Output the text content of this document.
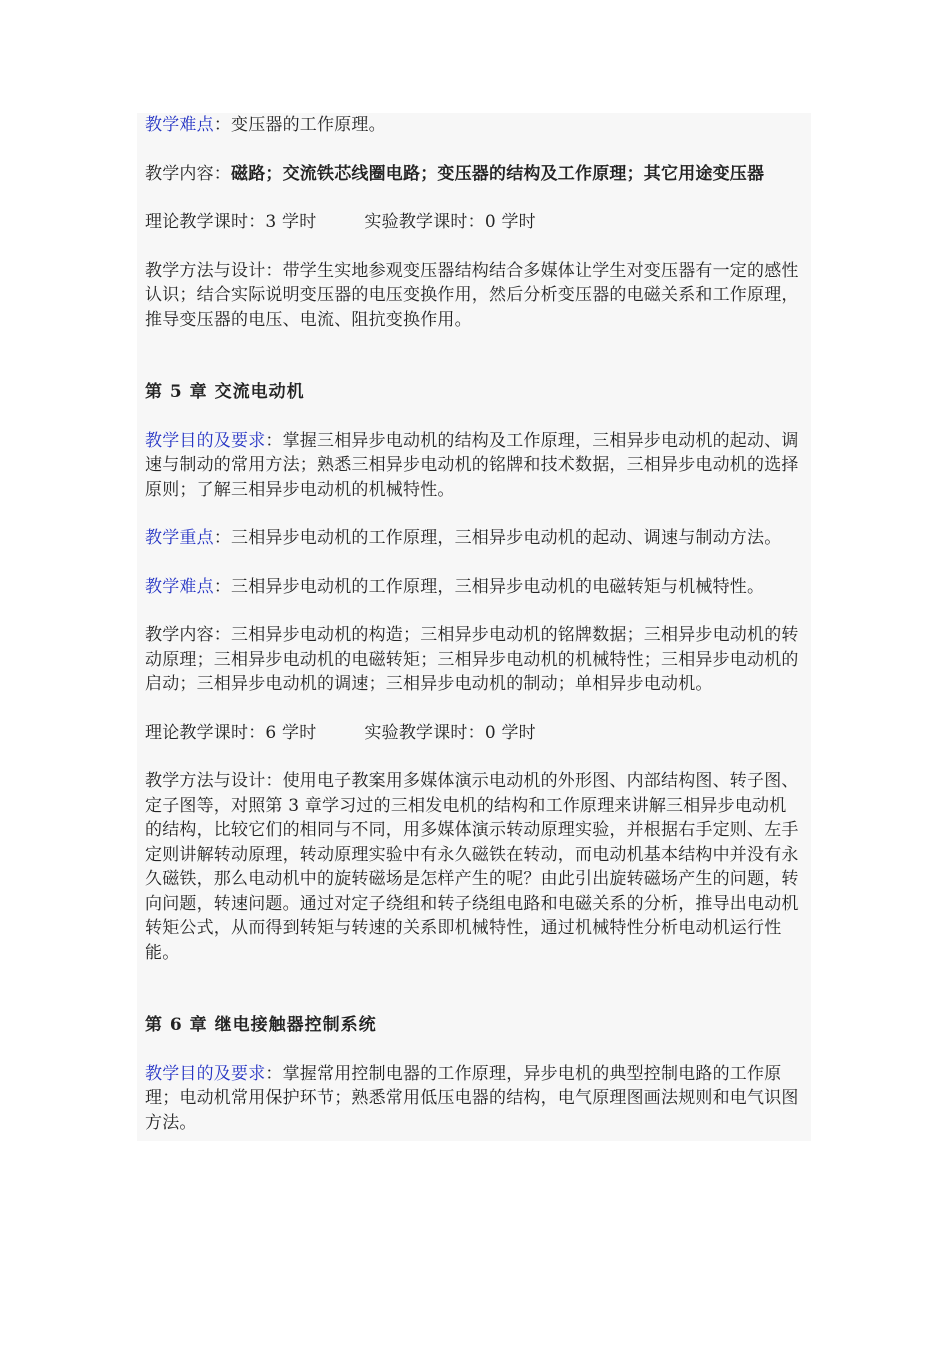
教学难点：变压器的工作原理。

教学内容：磁路；交流铁芯线圈电路；变压器的结构及工作原理；其它用途变压器

理论教学课时：3 学时	实验教学课时：0 学时

教学方法与设计：带学生实地参观变压器结构结合多媒体让学生对变压器有一定的感性认识；结合实际说明变压器的电压变换作用，然后分析变压器的电磁关系和工作原理，推导变压器的电压、电流、阻抗变换作用。

第 5 章 交流电动机

教学目的及要求：掌握三相异步电动机的结构及工作原理，三相异步电动机的起动、调速与制动的常用方法；熟悉三相异步电动机的铭牌和技术数据，三相异步电动机的选择原则；了解三相异步电动机的机械特性。

教学重点：三相异步电动机的工作原理，三相异步电动机的起动、调速与制动方法。

教学难点：三相异步电动机的工作原理，三相异步电动机的电磁转矩与机械特性。

教学内容：三相异步电动机的构造；三相异步电动机的铭牌数据；三相异步电动机的转动原理；三相异步电动机的电磁转矩；三相异步电动机的机械特性；三相异步电动机的启动；三相异步电动机的调速；三相异步电动机的制动；单相异步电动机。

理论教学课时：6 学时	实验教学课时：0 学时

教学方法与设计：使用电子教案用多媒体演示电动机的外形图、内部结构图、转子图、定子图等，对照第 3 章学习过的三相发电机的结构和工作原理来讲解三相异步电动机的结构，比较它们的相同与不同，用多媒体演示转动原理实验，并根据右手定则、左手定则讲解转动原理，转动原理实验中有永久磁铁在转动，而电动机基本结构中并没有永久磁铁，那么电动机中的旋转磁场是怎样产生的呢？由此引出旋转磁场产生的问题，转向问题，转速问题。通过对定子绕组和转子绕组电路和电磁关系的分析，推导出电动机转矩公式，从而得到转矩与转速的关系即机械特性，通过机械特性分析电动机运行性能。

第 6 章 继电接触器控制系统

教学目的及要求：掌握常用控制电器的工作原理，异步电机的典型控制电路的工作原理；电动机常用保护环节；熟悉常用低压电器的结构，电气原理图画法规则和电气识图方法。
